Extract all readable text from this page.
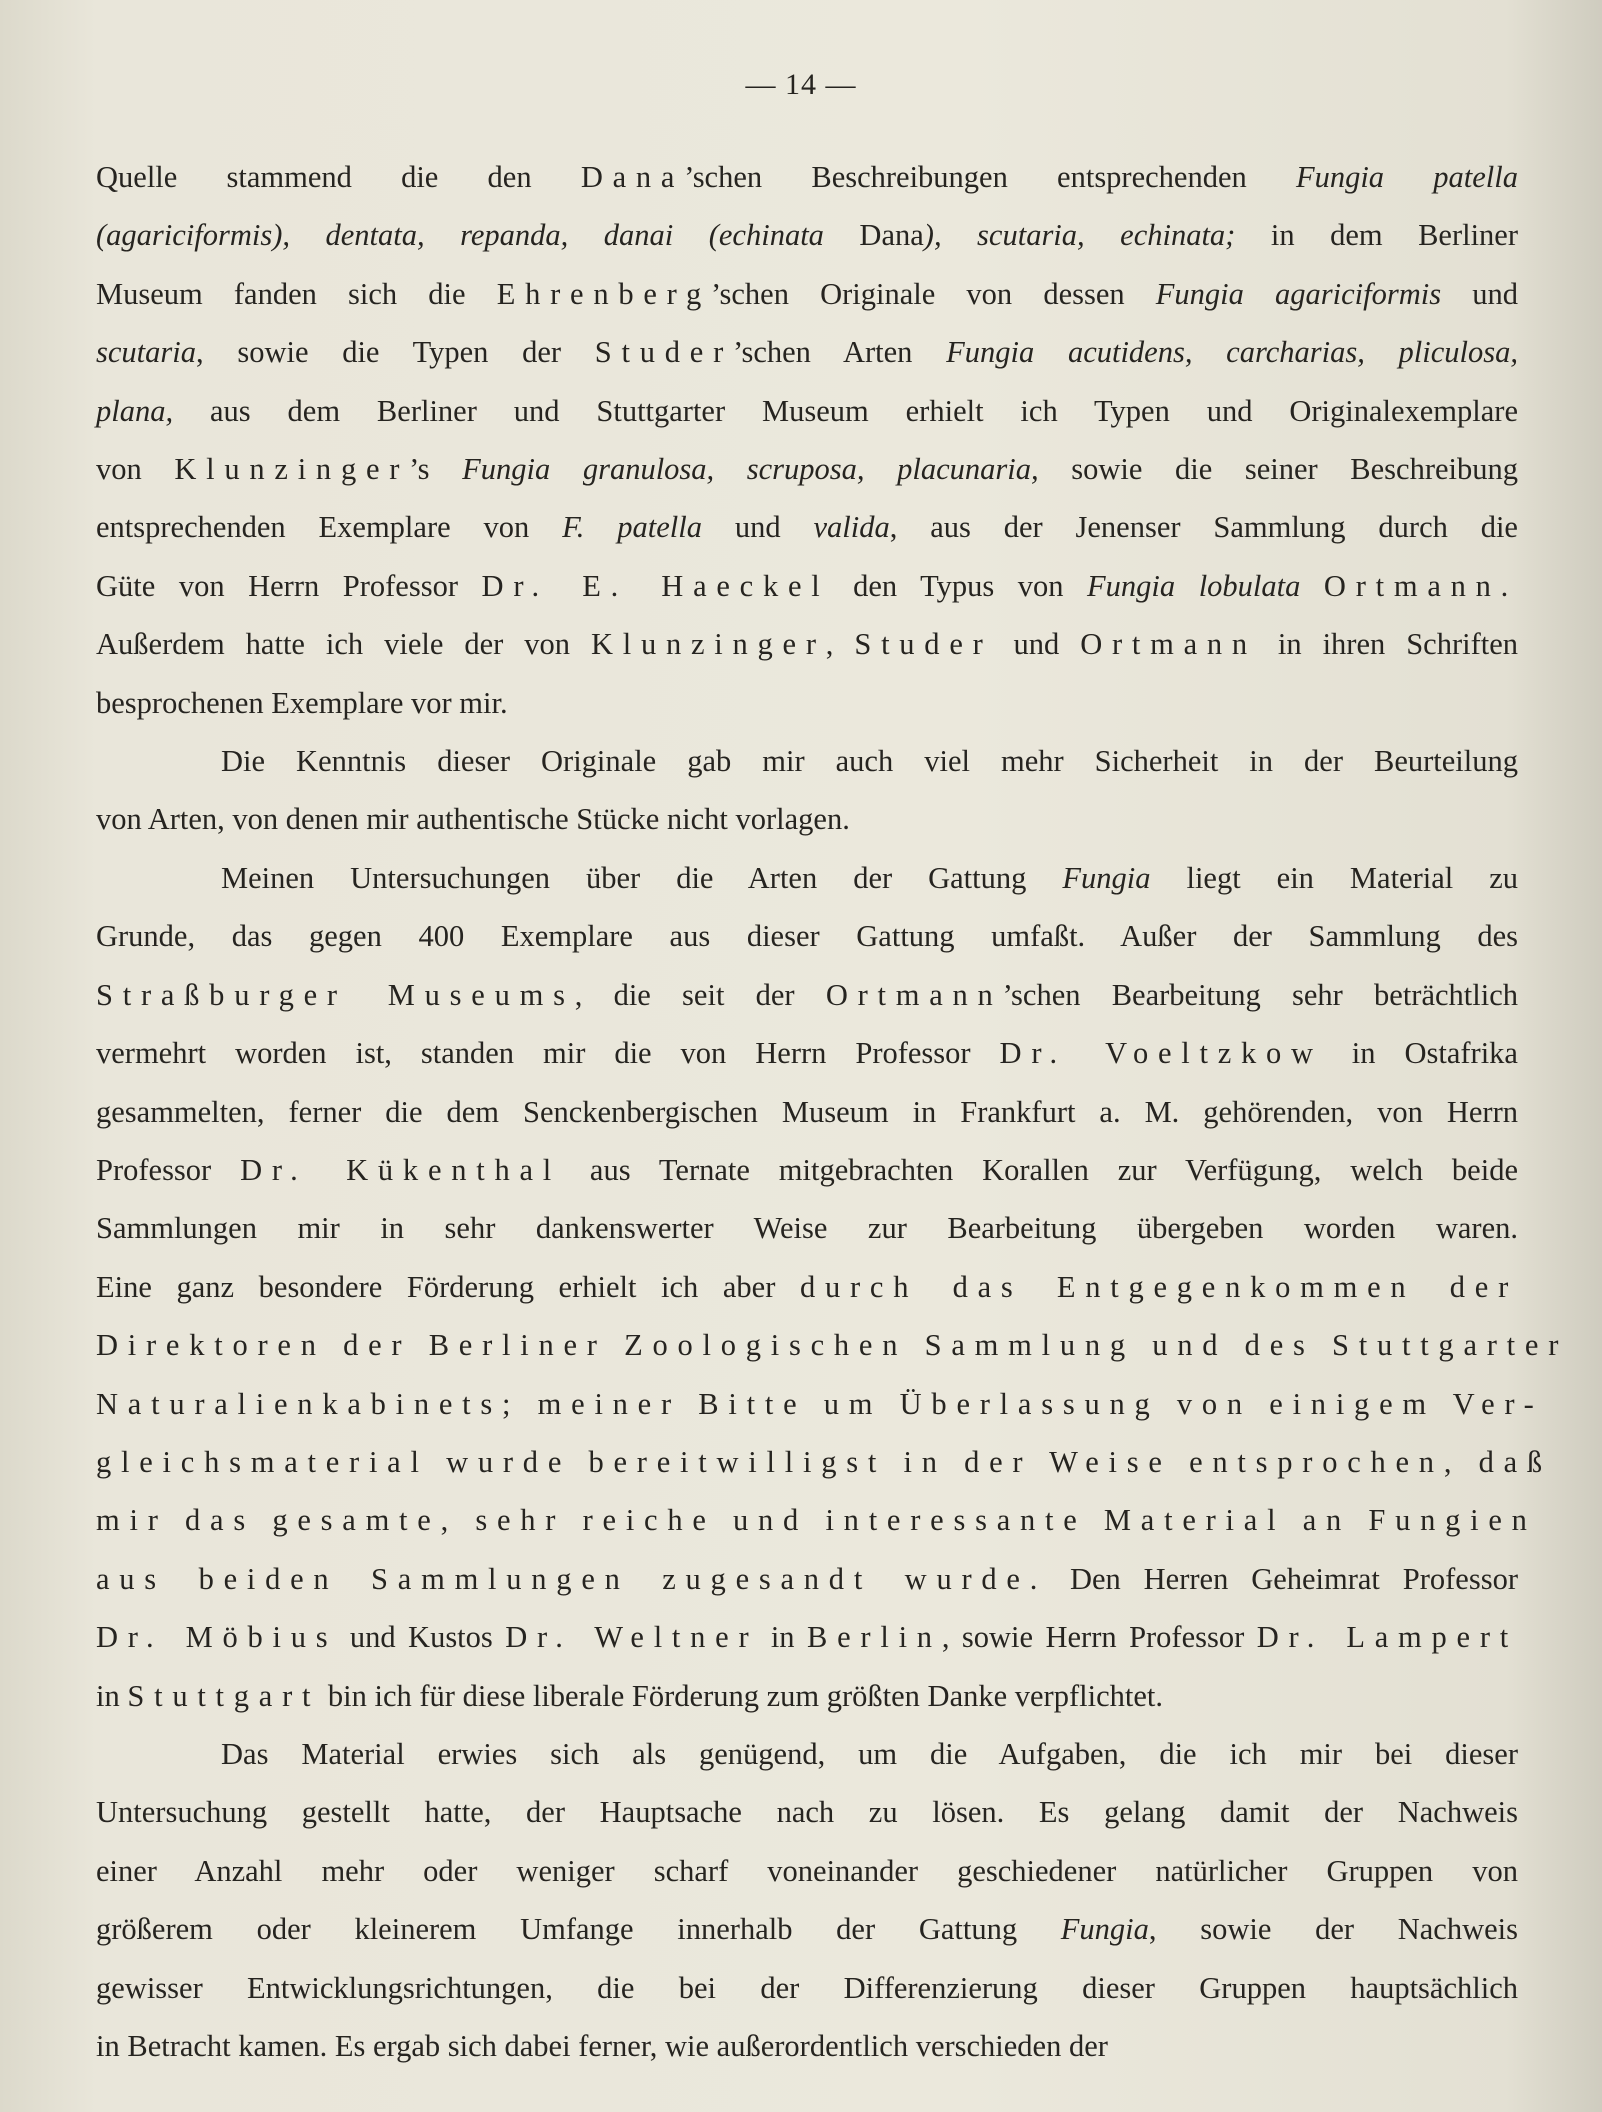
— 14 —
Quelle stammend die den Dana’schen Beschreibungen entsprechenden Fungia patella
(agariciformis), dentata, repanda, danai (echinata Dana), scutaria, echinata; in dem Berliner
Museum fanden sich die Ehrenberg’schen Originale von dessen Fungia agariciformis und
scutaria, sowie die Typen der Studer’schen Arten Fungia acutidens, carcharias, pliculosa,
plana, aus dem Berliner und Stuttgarter Museum erhielt ich Typen und Originalexemplare
von Klunzinger’s Fungia granulosa, scruposa, placunaria, sowie die seiner Beschreibung
entsprechenden Exemplare von F. patella und valida, aus der Jenenser Sammlung durch die
Güte von Herrn Professor Dr. E. Haeckel den Typus von Fungia lobulata Ortmann.
Außerdem hatte ich viele der von Klunzinger, Studer und Ortmann in ihren Schriften
besprochenen Exemplare vor mir.
Die Kenntnis dieser Originale gab mir auch viel mehr Sicherheit in der Beurteilung
von Arten, von denen mir authentische Stücke nicht vorlagen.
Meinen Untersuchungen über die Arten der Gattung Fungia liegt ein Material zu
Grunde, das gegen 400 Exemplare aus dieser Gattung umfaßt. Außer der Sammlung des
Straßburger Museums, die seit der Ortmann’schen Bearbeitung sehr beträchtlich
vermehrt worden ist, standen mir die von Herrn Professor Dr. Voeltzkow in Ostafrika
gesammelten, ferner die dem Senckenbergischen Museum in Frankfurt a. M. gehörenden, von Herrn
Professor Dr. Kükenthal aus Ternate mitgebrachten Korallen zur Verfügung, welch beide
Sammlungen mir in sehr dankenswerter Weise zur Bearbeitung übergeben worden waren.
Eine ganz besondere Förderung erhielt ich aber durch das Entgegenkommen der
Direktoren der Berliner Zoologischen Sammlung und des Stuttgarter
Naturalienkabinets; meiner Bitte um Überlassung von einigem Ver-
gleichsmaterial wurde bereitwilligst in der Weise entsprochen, daß
mir das gesamte, sehr reiche und interessante Material an Fungien
aus beiden Sammlungen zugesandt wurde. Den Herren Geheimrat Professor
Dr. Möbius und Kustos Dr. Weltner in Berlin, sowie Herrn Professor Dr. Lampert
in Stuttgart bin ich für diese liberale Förderung zum größten Danke verpflichtet.
Das Material erwies sich als genügend, um die Aufgaben, die ich mir bei dieser
Untersuchung gestellt hatte, der Hauptsache nach zu lösen. Es gelang damit der Nachweis
einer Anzahl mehr oder weniger scharf voneinander geschiedener natürlicher Gruppen von
größerem oder kleinerem Umfange innerhalb der Gattung Fungia, sowie der Nachweis
gewisser Entwicklungsrichtungen, die bei der Differenzierung dieser Gruppen hauptsächlich
in Betracht kamen. Es ergab sich dabei ferner, wie außerordentlich verschieden der
